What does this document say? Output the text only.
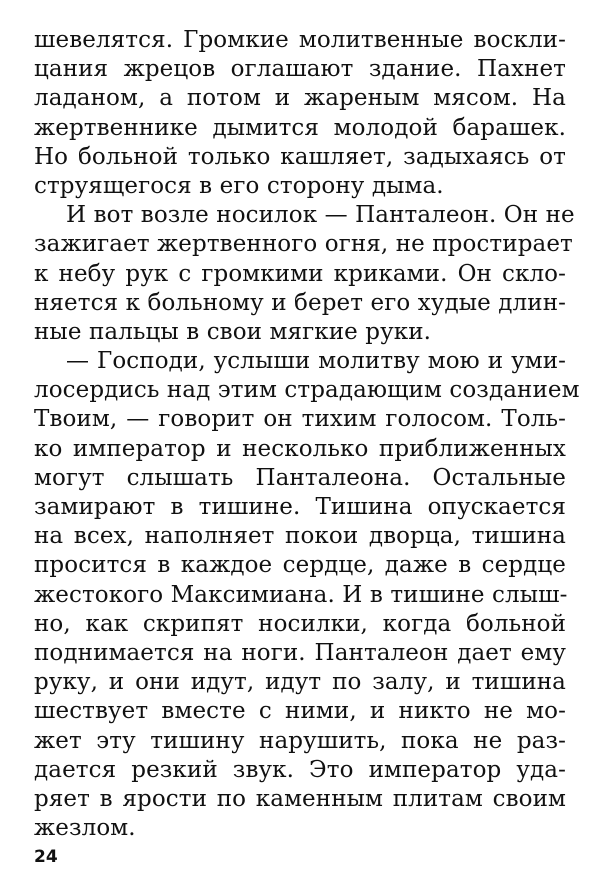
шевелятся. Громкие молитвенные воскли-
цания жрецов оглашают здание. Пахнет
ладаном, а потом и жареным мясом. На
жертвеннике дымится молодой барашек.
Но больной только кашляет, задыхаясь от
струящегося в его сторону дыма.
И вот возле носилок — Панталеон. Он не
зажигает жертвенного огня, не простирает
к небу рук с громкими криками. Он скло-
няется к больному и берет его худые длин-
ные пальцы в свои мягкие руки.
— Господи, услыши молитву мою и уми-
лосердись над этим страдающим созданием
Твоим, — говорит он тихим голосом. Толь-
ко император и несколько приближенных
могут слышать Панталеона. Остальные
замирают в тишине. Тишина опускается
на всех, наполняет покои дворца, тишина
просится в каждое сердце, даже в сердце
жестокого Максимиана. И в тишине слыш-
но, как скрипят носилки, когда больной
поднимается на ноги. Панталеон дает ему
руку, и они идут, идут по залу, и тишина
шествует вместе с ними, и никто не мо-
жет эту тишину нарушить, пока не раз-
дается резкий звук. Это император уда-
ряет в ярости по каменным плитам своим
жезлом.
24
